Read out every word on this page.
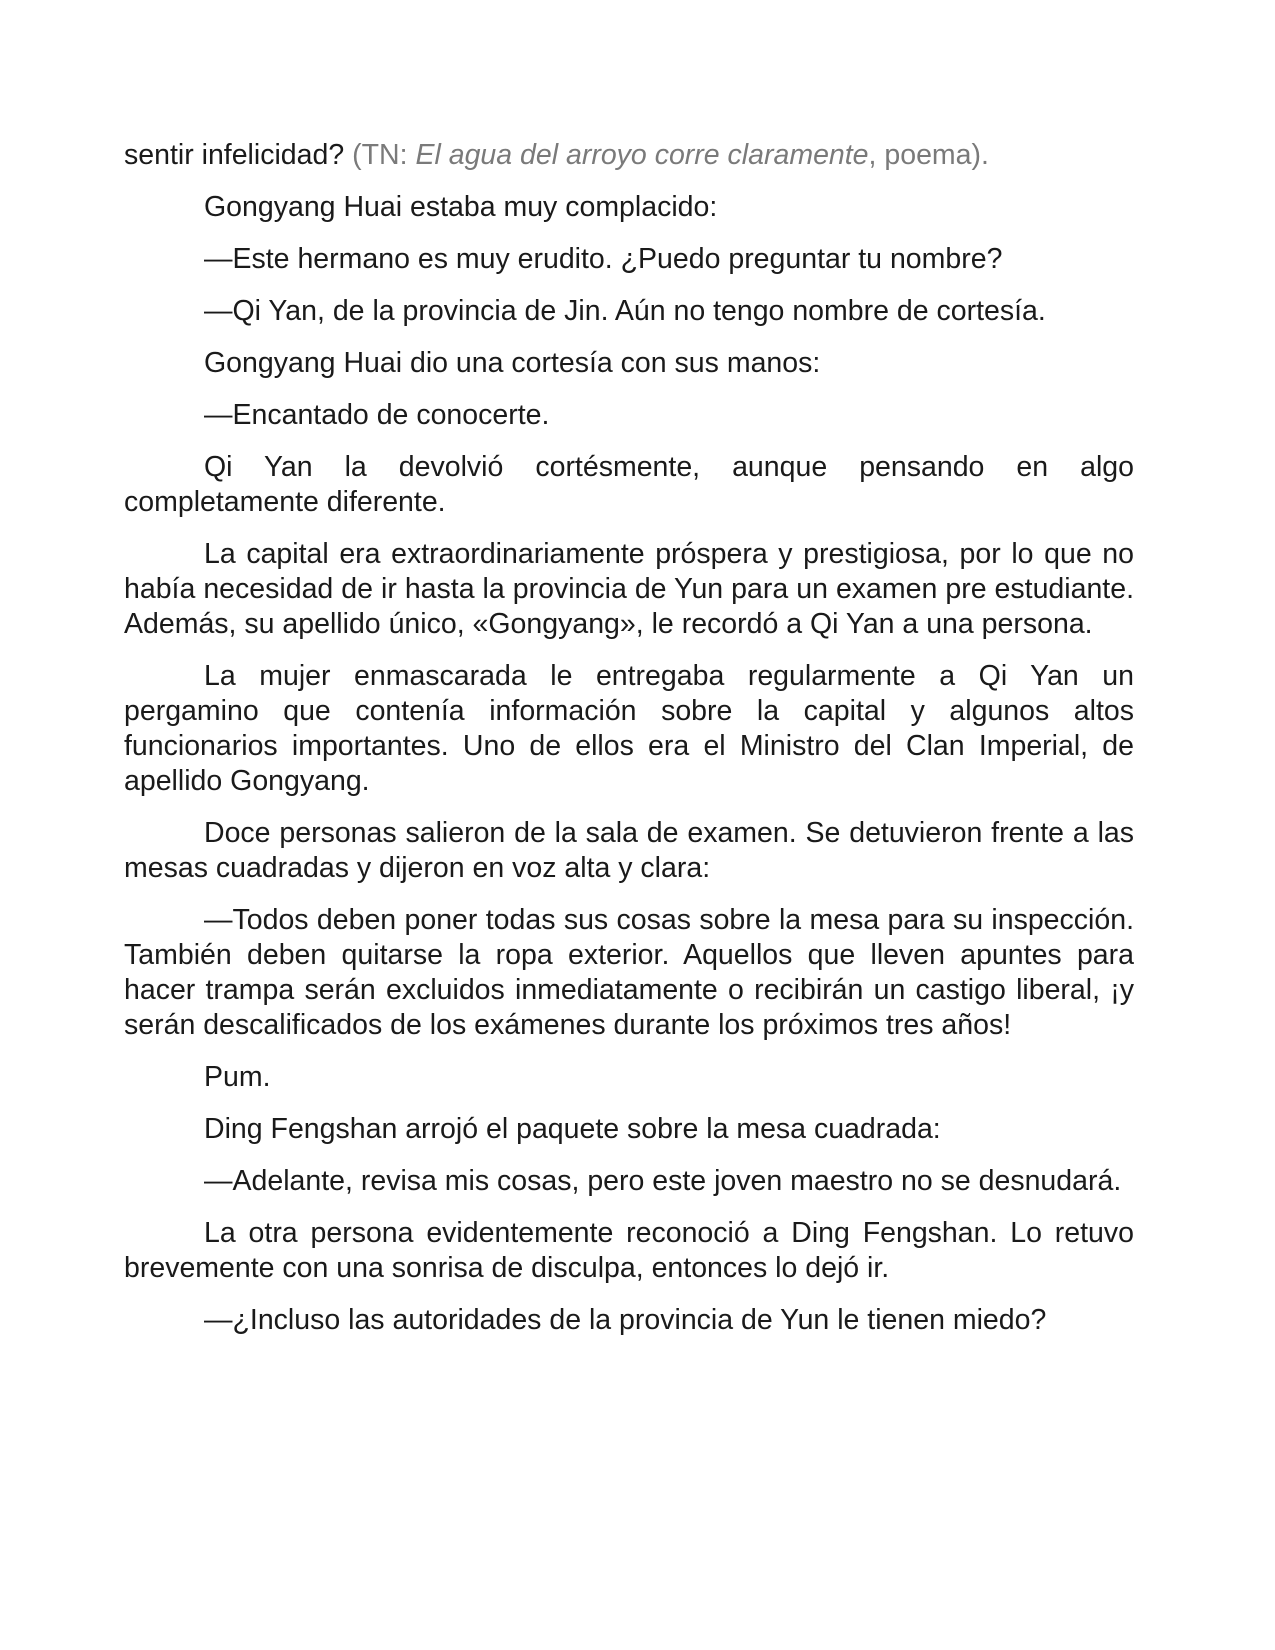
sentir infelicidad? (TN: El agua del arroyo corre claramente, poema).

Gongyang Huai estaba muy complacido:

—Este hermano es muy erudito. ¿Puedo preguntar tu nombre?

—Qi Yan, de la provincia de Jin. Aún no tengo nombre de cortesía.

Gongyang Huai dio una cortesía con sus manos:

—Encantado de conocerte.

Qi Yan la devolvió cortésmente, aunque pensando en algo completamente diferente.

La capital era extraordinariamente próspera y prestigiosa, por lo que no había necesidad de ir hasta la provincia de Yun para un examen pre estudiante. Además, su apellido único, «Gongyang», le recordó a Qi Yan a una persona.

La mujer enmascarada le entregaba regularmente a Qi Yan un pergamino que contenía información sobre la capital y algunos altos funcionarios importantes. Uno de ellos era el Ministro del Clan Imperial, de apellido Gongyang.

Doce personas salieron de la sala de examen. Se detuvieron frente a las mesas cuadradas y dijeron en voz alta y clara:

—Todos deben poner todas sus cosas sobre la mesa para su inspección. También deben quitarse la ropa exterior. Aquellos que lleven apuntes para hacer trampa serán excluidos inmediatamente o recibirán un castigo liberal, ¡y serán descalificados de los exámenes durante los próximos tres años!

Pum.

Ding Fengshan arrojó el paquete sobre la mesa cuadrada:

—Adelante, revisa mis cosas, pero este joven maestro no se desnudará.

La otra persona evidentemente reconoció a Ding Fengshan. Lo retuvo brevemente con una sonrisa de disculpa, entonces lo dejó ir.

—¿Incluso las autoridades de la provincia de Yun le tienen miedo?
